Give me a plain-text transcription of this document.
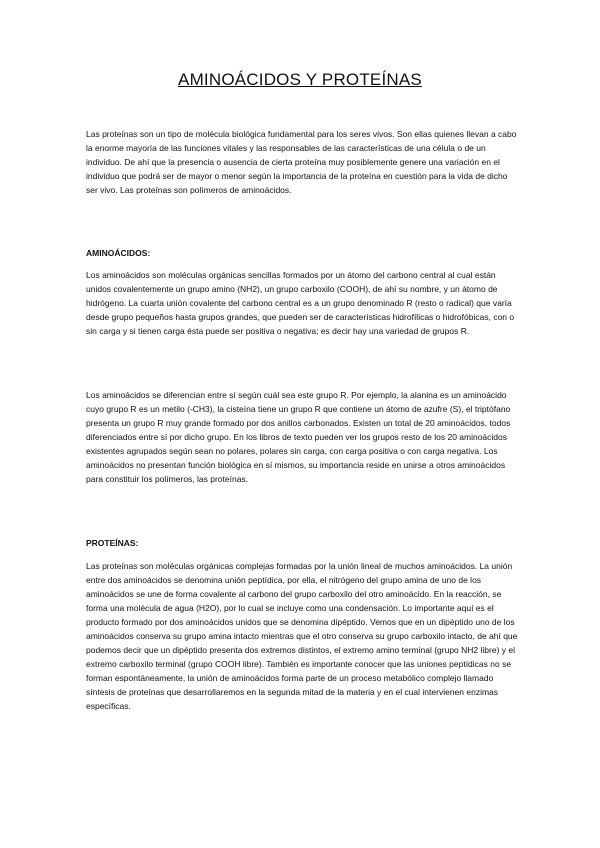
AMINOÁCIDOS Y PROTEÍNAS

Las proteínas son un tipo de molécula biológica fundamental para los seres vivos. Son ellas quienes llevan a cabo la enorme mayoría de las funciones vitales y las responsables de las características de una célula o de un individuo. De ahí que la presencia o ausencia de cierta proteína muy posiblemente genere una variación en el individuo que podrá ser de mayor o menor según la importancia de la proteína en cuestión para la vida de dicho ser vivo. Las proteínas son polímeros de aminoácidos.

AMINOÁCIDOS:

Los aminoácidos son moléculas orgánicas sencillas formados por un átomo del carbono central al cual están unidos covalentemente un grupo amino (NH2), un grupo carboxilo (COOH), de ahí su nombre, y un átomo de hidrógeno. La cuarta unión covalente del carbono central es a un grupo denominado R (resto o radical) que varía desde grupo pequeños hasta grupos grandes, que pueden ser de características hidrofílicas o hidrofóbicas, con o sin carga y si tienen carga ésta puede ser positiva o negativa; es decir hay una variedad de grupos R.

Los aminoácidos se diferencian entre sí según cuál sea este grupo R. Por ejemplo, la alanina es un aminoácido cuyo grupo R es un metilo (-CH3), la cisteína tiene un grupo R que contiene un átomo de azufre (S), el triptófano presenta un grupo R muy grande formado por dos anillos carbonados. Existen un total de 20 aminoácidos, todos diferenciados entre sí por dicho grupo. En los libros de texto pueden ver los grupos resto de los 20 aminoácidos existentes agrupados según sean no polares, polares sin carga, con carga positiva o con carga negativa. Los aminoácidos no presentan función biológica en sí mismos, su importancia reside en unirse a otros aminoácidos para constituir los polímeros, las proteínas.

PROTEÍNAS:

Las proteínas son moléculas orgánicas complejas formadas por la unión lineal de muchos aminoácidos. La unión entre dos aminoácidos se denomina unión peptídica, por ella, el nitrógeno del grupo amina de uno de los aminoácidos se une de forma covalente al carbono del grupo carboxilo del otro aminoácido. En la reacción, se forma una molécula de agua (H2O), por lo cual se incluye como una condensación. Lo importante aquí es el producto formado por dos aminoácidos unidos que se denomina dipéptido. Vemos que en un dipéptido uno de los aminoácidos conserva su grupo amina intacto mientras que el otro conserva su grupo carboxilo intacto, de ahí que podemos decir que un dipéptido presenta dos extremos distintos, el extremo amino terminal (grupo NH2 libre) y el extremo carboxilo terminal (grupo COOH libre). También es importante conocer que las uniones peptídicas no se forman espontáneamente, la unión de aminoácidos forma parte de un proceso metabólico complejo llamado síntesis de proteínas que desarrollaremos en la segunda mitad de la materia y en el cual intervienen enzimas específicas.
